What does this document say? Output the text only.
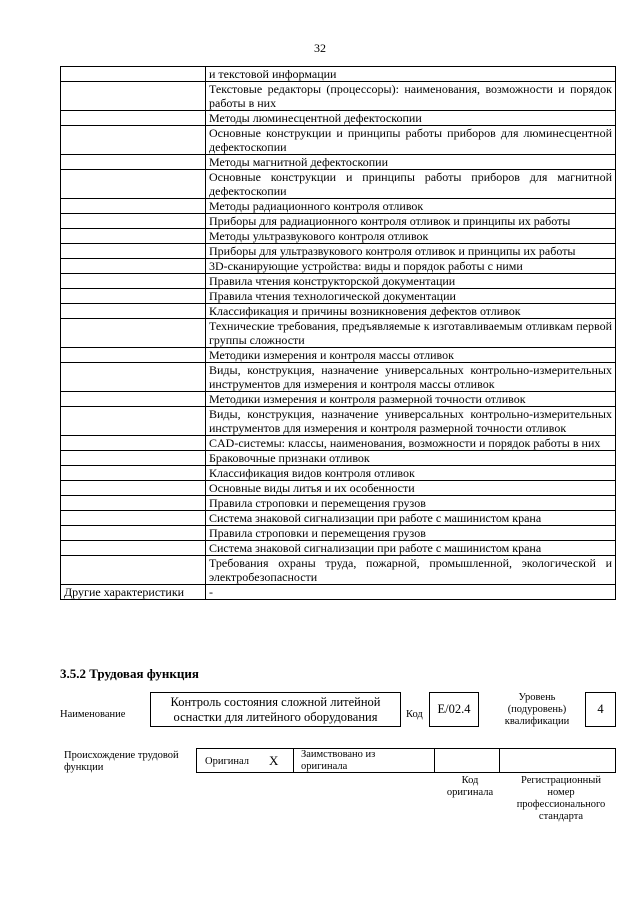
32
	и текстовой информации
	Текстовые редакторы (процессоры): наименования, возможности и порядок работы в них
	Методы люминесцентной дефектоскопии
	Основные конструкции и принципы работы приборов для люминесцентной дефектоскопии
	Методы магнитной дефектоскопии
	Основные конструкции и принципы работы приборов для магнитной дефектоскопии
	Методы радиационного контроля отливок
	Приборы для радиационного контроля отливок и принципы их работы
	Методы ультразвукового контроля отливок
	Приборы для ультразвукового контроля отливок и принципы их работы
	3D-сканирующие устройства: виды и порядок работы с ними
	Правила чтения конструкторской документации
	Правила чтения технологической документации
	Классификация и причины возникновения дефектов отливок
	Технические требования, предъявляемые к изготавливаемым отливкам первой группы сложности
	Методики измерения и контроля массы отливок
	Виды, конструкция, назначение универсальных контрольно-измерительных инструментов для измерения и контроля массы отливок
	Методики измерения и контроля размерной точности отливок
	Виды, конструкция, назначение универсальных контрольно-измерительных инструментов для измерения и контроля размерной точности отливок
	CAD-системы: классы, наименования, возможности и порядок работы в них
	Браковочные признаки отливок
	Классификация видов контроля отливок
	Основные виды литья и их особенности
	Правила строповки и перемещения грузов
	Система знаковой сигнализации при работе с машинистом крана
	Правила строповки и перемещения грузов
	Система знаковой сигнализации при работе с машинистом крана
	Требования охраны труда, пожарной, промышленной, экологической и электробезопасности
Другие характеристики	-
3.5.2 Трудовая функция
Наименование
Контроль состояния сложной литейной оснастки для литейного оборудования	Код	E/02.4
Уровень (подуровень) квалификации
4
Происхождение трудовой функции
Оригинал X Заимствовано из оригинала
Код оригинала
Регистрационный номер профессионального стандарта
